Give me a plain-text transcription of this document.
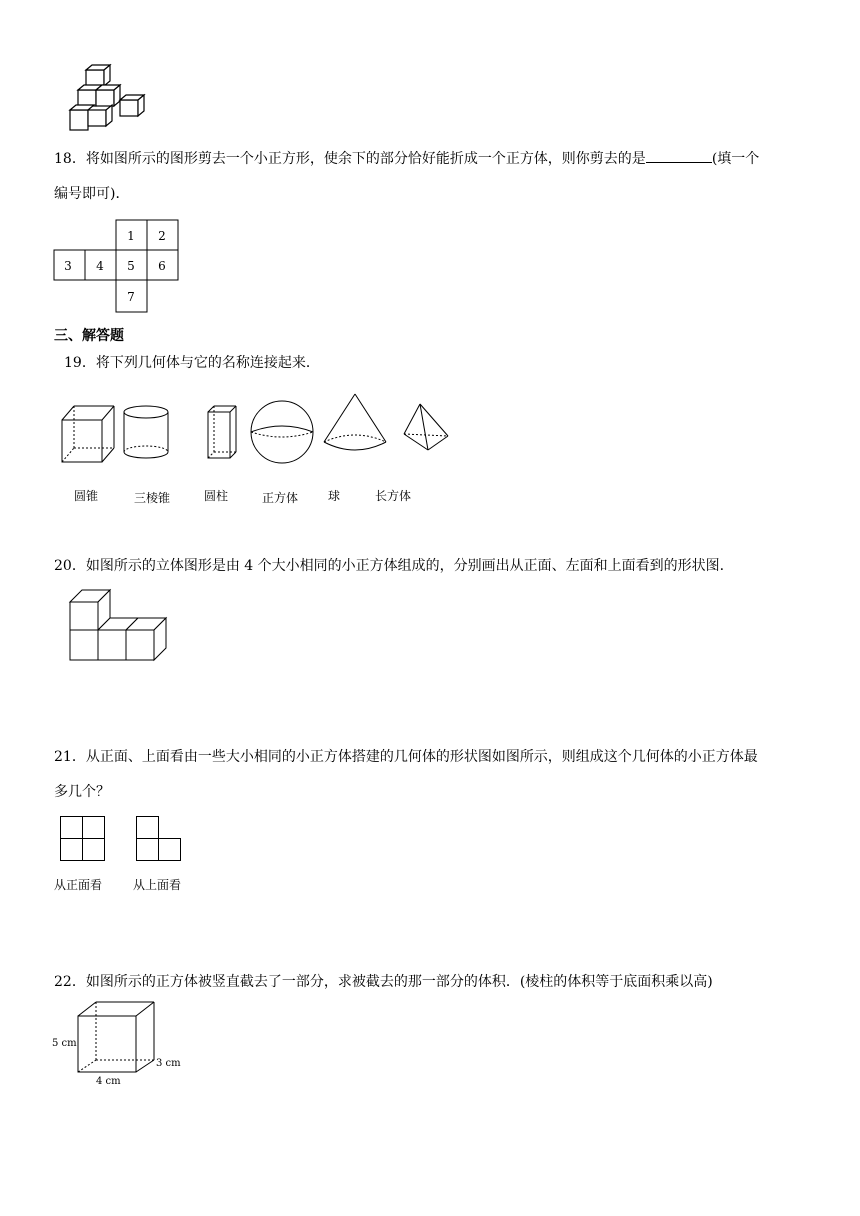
18．将如图所示的图形剪去一个小正方形，使余下的部分恰好能折成一个正方体，则你剪去的是	(填一个
编号即可)．
1 2
3 4 5 6
7
三、解答题
19．将下列几何体与它的名称连接起来．
圆锥	三棱锥	圆柱	正方体 球	长方体
20．如图所示的立体图形是由 4 个大小相同的小正方体组成的，分别画出从正面、左面和上面看到的形状图.
21．从正面、上面看由一些大小相同的小正方体搭建的几何体的形状图如图所示，则组成这个几何体的小正方体最
多几个？
从正面看	从上面看
22．如图所示的正方体被竖直截去了一部分，求被截去的那一部分的体积．(棱柱的体积等于底面积乘以高)
5 cm
4 cm
3 cm
